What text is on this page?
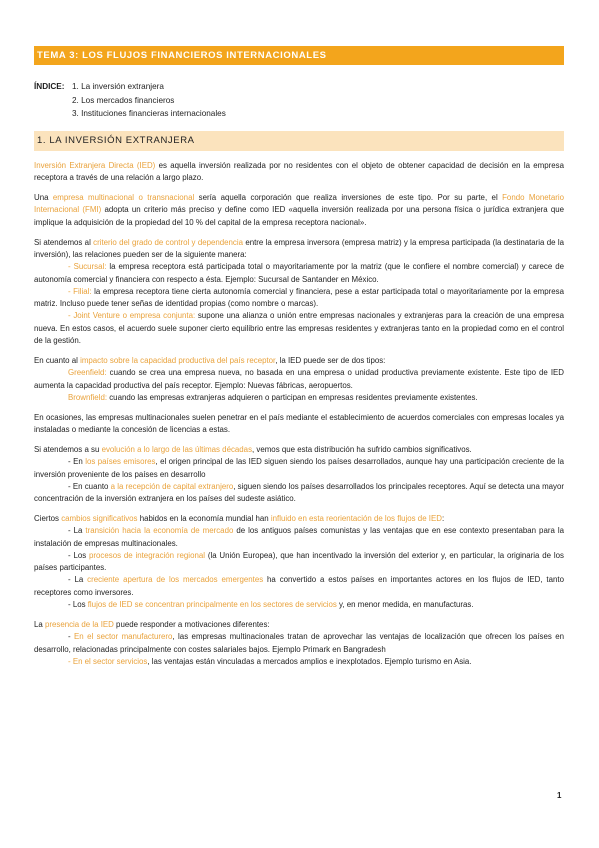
TEMA 3: LOS FLUJOS FINANCIEROS INTERNACIONALES
ÍNDICE: 1. La inversión extranjera
2. Los mercados financieros
3. Instituciones financieras internacionales
1. LA INVERSIÓN EXTRANJERA

Inversión Extranjera Directa (IED) es aquella inversión realizada por no residentes con el objeto de obtener capacidad de decisión en la empresa receptora a través de una relación a largo plazo.

Una empresa multinacional o transnacional sería aquella corporación que realiza inversiones de este tipo. Por su parte, el Fondo Monetario Internacional (FMI) adopta un criterio más preciso y define como IED «aquella inversión realizada por una persona física o jurídica extranjera que implique la adquisición de la propiedad del 10 % del capital de la empresa receptora nacional».

Si atendemos al criterio del grado de control y dependencia entre la empresa inversora (empresa matriz) y la empresa participada (la destinataria de la inversión), las relaciones pueden ser de la siguiente manera:

- Sucursal: la empresa receptora está participada total o mayoritariamente por la matriz (que le confiere el nombre comercial) y carece de autonomía comercial y financiera con respecto a ésta. Ejemplo: Sucursal de Santander en México.

- Filial: la empresa receptora tiene cierta autonomía comercial y financiera, pese a estar participada total o mayoritariamente por la empresa matriz. Incluso puede tener señas de identidad propias (como nombre o marcas).

- Joint Venture o empresa conjunta: supone una alianza o unión entre empresas nacionales y extranjeras para la creación de una empresa nueva. En estos casos, el acuerdo suele suponer cierto equilibrio entre las empresas residentes y extranjeras tanto en la propiedad como en el control de la gestión.

En cuanto al impacto sobre la capacidad productiva del país receptor, la IED puede ser de dos tipos:

Greenfield: cuando se crea una empresa nueva, no basada en una empresa o unidad productiva previamente existente. Este tipo de IED aumenta la capacidad productiva del país receptor. Ejemplo: Nuevas fábricas, aeropuertos.

Brownfield: cuando las empresas extranjeras adquieren o participan en empresas residentes previamente existentes.

En ocasiones, las empresas multinacionales suelen penetrar en el país mediante el establecimiento de acuerdos comerciales con empresas locales ya instaladas o mediante la concesión de licencias a estas.

Si atendemos a su evolución a lo largo de las últimas décadas, vemos que esta distribución ha sufrido cambios significativos.

- En los países emisores, el origen principal de las IED siguen siendo los países desarrollados, aunque hay una participación creciente de la inversión proveniente de los países en desarrollo

- En cuanto a la recepción de capital extranjero, siguen siendo los países desarrollados los principales receptores. Aquí se detecta una mayor concentración de la inversión extranjera en los países del sudeste asiático.

Ciertos cambios significativos habidos en la economía mundial han influido en esta reorientación de los flujos de IED:

- La transición hacia la economía de mercado de los antiguos países comunistas y las ventajas que en ese contexto presentaban para la instalación de empresas multinacionales.

- Los procesos de integración regional (la Unión Europea), que han incentivado la inversión del exterior y, en particular, la originaria de los países participantes.

- La creciente apertura de los mercados emergentes ha convertido a estos países en importantes actores en los flujos de IED, tanto receptores como inversores.

- Los flujos de IED se concentran principalmente en los sectores de servicios y, en menor medida, en manufacturas.

La presencia de la IED puede responder a motivaciones diferentes:

- En el sector manufacturero, las empresas multinacionales tratan de aprovechar las ventajas de localización que ofrecen los países en desarrollo, relacionadas principalmente con costes salariales bajos. Ejemplo Primark en Bangradesh

- En el sector servicios, las ventajas están vinculadas a mercados amplios e inexplotados. Ejemplo turismo en Asia.

1
